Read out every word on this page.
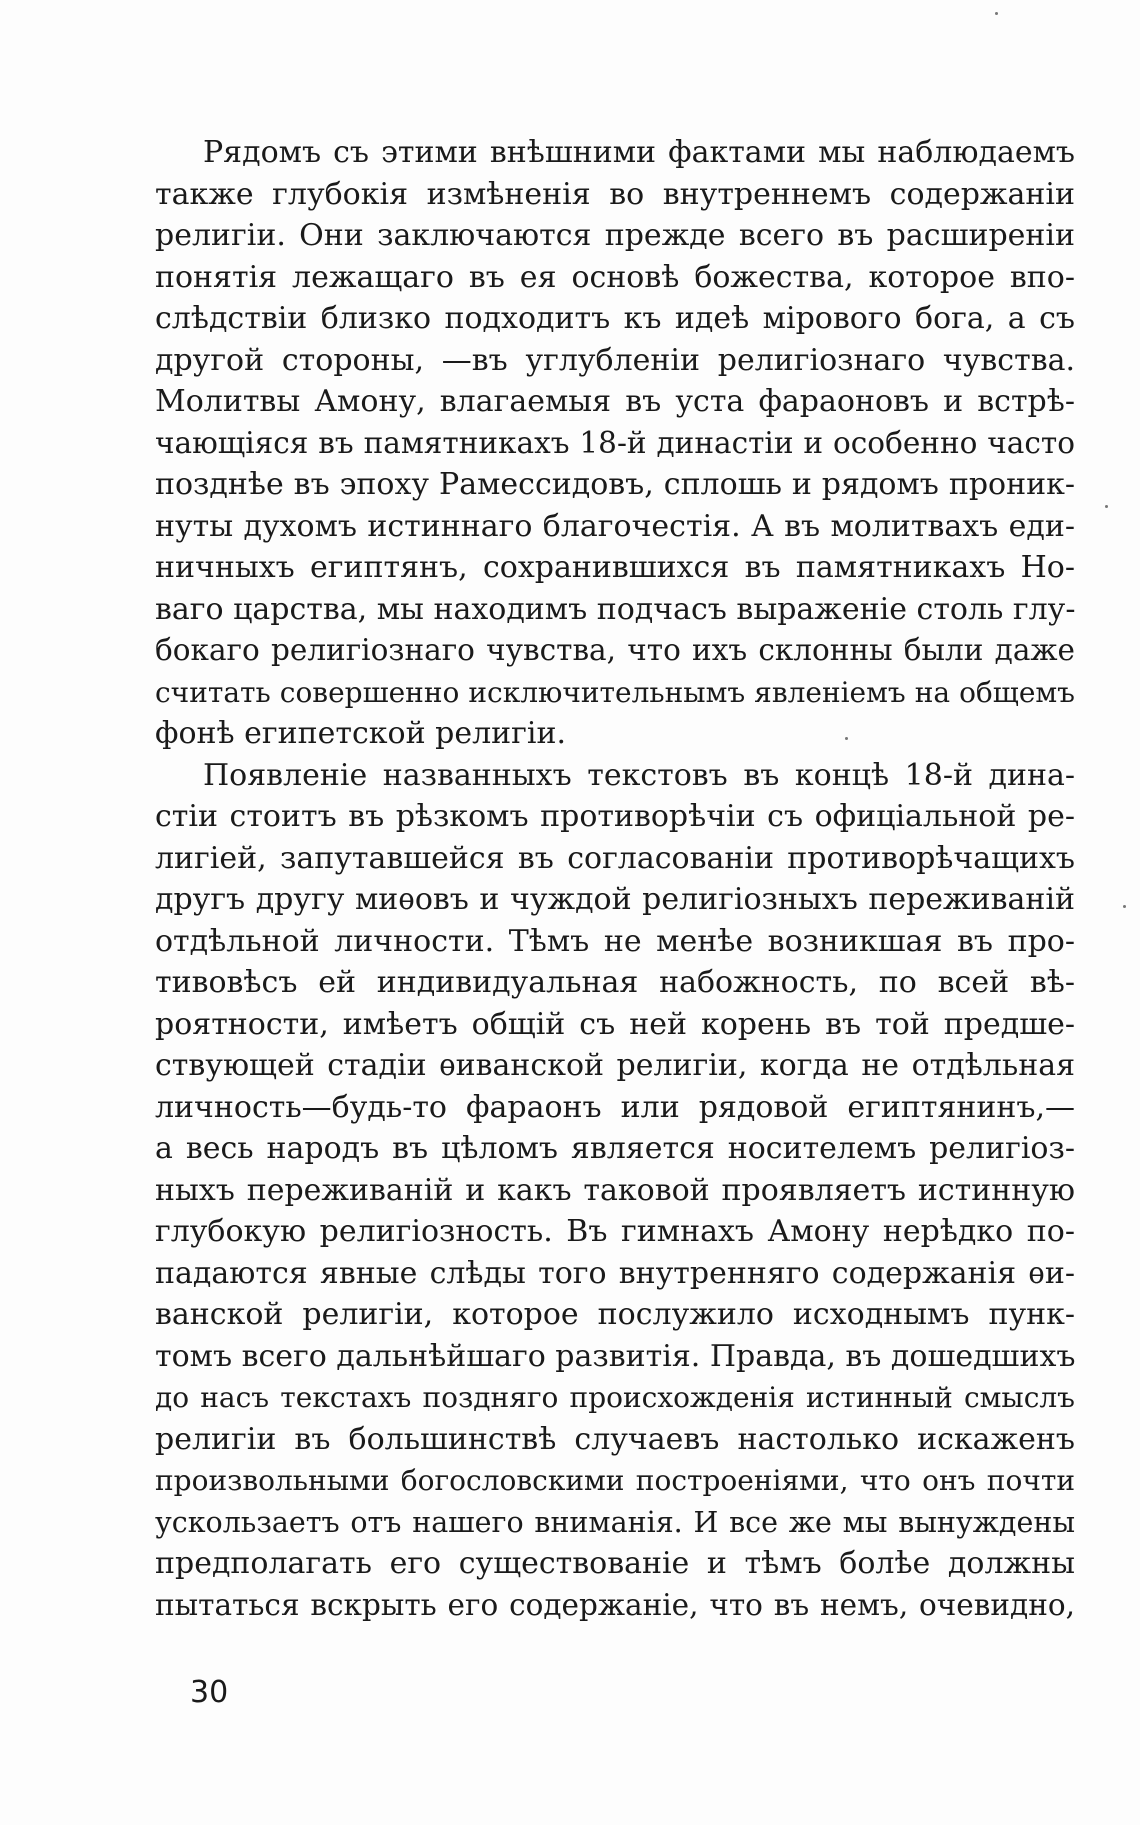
Рядомъ съ этими внѣшними фактами мы наблюдаемъ
также глубокія измѣненія во внутреннемъ содержаніи
религіи. Они заключаются прежде всего въ расширеніи
понятія лежащаго въ ея основѣ божества, которое впо-
слѣдствіи близко подходитъ къ идеѣ мірового бога, а съ
другой стороны, —въ углубленіи религіознаго чувства.
Молитвы Амону, влагаемыя въ уста фараоновъ и встрѣ-
чающіяся въ памятникахъ 18-й династіи и особенно часто
позднѣе въ эпоху Рамессидовъ, сплошь и рядомъ проник-
нуты духомъ истиннаго благочестія. А въ молитвахъ еди-
ничныхъ египтянъ, сохранившихся въ памятникахъ Но-
ваго царства, мы находимъ подчасъ выраженіе столь глу-
бокаго религіознаго чувства, что ихъ склонны были даже
считать совершенно исключительнымъ явленіемъ на общемъ
фонѣ египетской религіи.
Появленіе названныхъ текстовъ въ концѣ 18-й дина-
стіи стоитъ въ рѣзкомъ противорѣчіи съ офиціальной ре-
лигіей, запутавшейся въ согласованіи противорѣчащихъ
другъ другу миѳовъ и чуждой религіозныхъ переживаній
отдѣльной личности. Тѣмъ не менѣе возникшая въ про-
тивовѣсъ ей индивидуальная набожность, по всей вѣ-
роятности, имѣетъ общій съ ней корень въ той предше-
ствующей стадіи ѳиванской религіи, когда не отдѣльная
личность—будь-то фараонъ или рядовой египтянинъ,—
а весь народъ въ цѣломъ является носителемъ религіоз-
ныхъ переживаній и какъ таковой проявляетъ истинную
глубокую религіозность. Въ гимнахъ Амону нерѣдко по-
падаются явные слѣды того внутренняго содержанія ѳи-
ванской религіи, которое послужило исходнымъ пунк-
томъ всего дальнѣйшаго развитія. Правда, въ дошедшихъ
до насъ текстахъ поздняго происхожденія истинный смыслъ
религіи въ большинствѣ случаевъ настолько искаженъ
произвольными богословскими построеніями, что онъ почти
ускользаетъ отъ нашего вниманія. И все же мы вынуждены
предполагать его существованіе и тѣмъ болѣе должны
пытаться вскрыть его содержаніе, что въ немъ, очевидно,
30
